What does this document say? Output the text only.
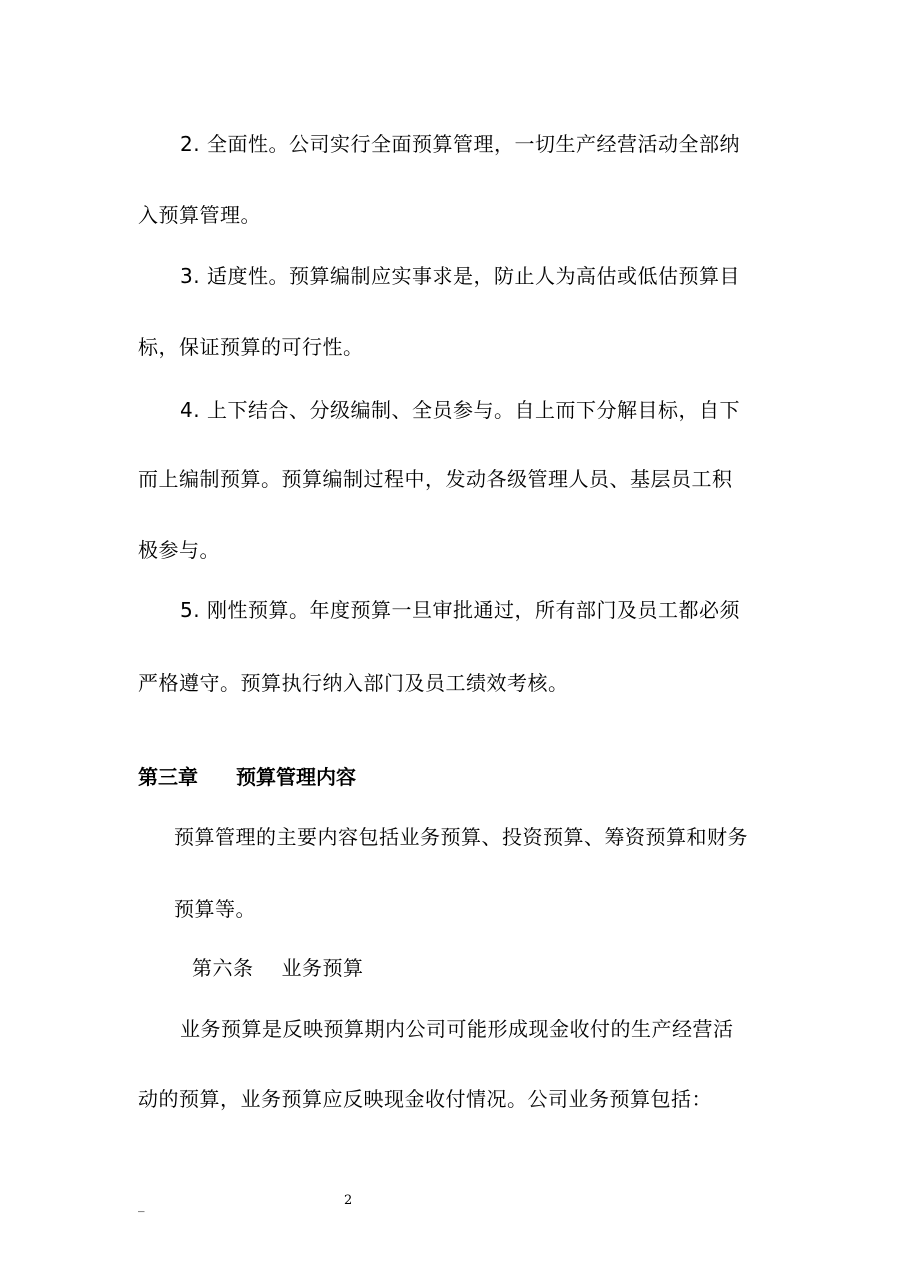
2. 全面性。公司实行全面预算管理，一切生产经营活动全部纳
入预算管理。
3. 适度性。预算编制应实事求是，防止人为高估或低估预算目
标，保证预算的可行性。
4. 上下结合、分级编制、全员参与。自上而下分解目标，自下
而上编制预算。预算编制过程中，发动各级管理人员、基层员工积
极参与。
5. 刚性预算。年度预算一旦审批通过，所有部门及员工都必须
严格遵守。预算执行纳入部门及员工绩效考核。
第三章 预算管理内容
预算管理的主要内容包括业务预算、投资预算、筹资预算和财务
预算等。
第六条 业务预算
业务预算是反映预算期内公司可能形成现金收付的生产经营活
动的预算，业务预算应反映现金收付情况。公司业务预算包括：
_	2
